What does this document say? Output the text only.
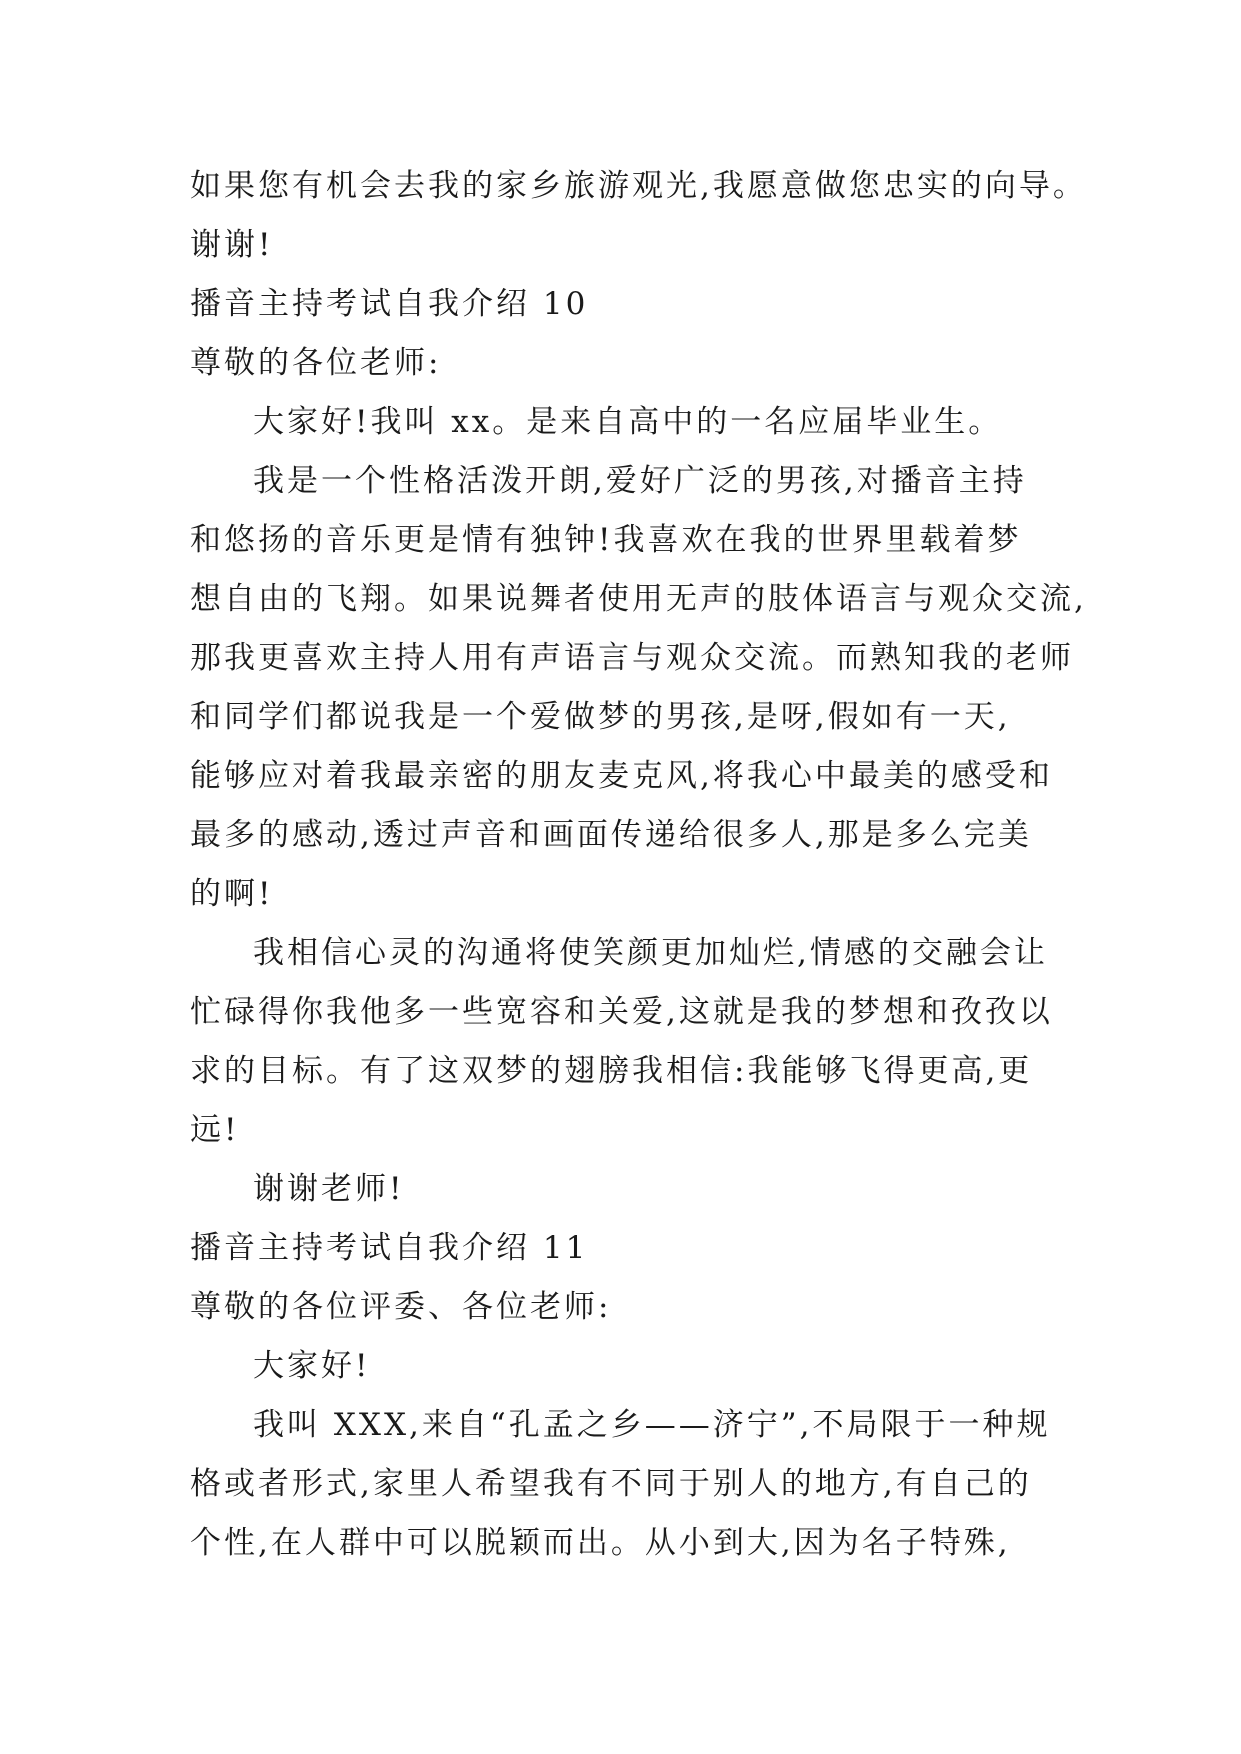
如果您有机会去我的家乡旅游观光,我愿意做您忠实的向导。
谢谢!
播音主持考试自我介绍 10
尊敬的各位老师:
大家好!我叫 xx。是来自高中的一名应届毕业生。
我是一个性格活泼开朗,爱好广泛的男孩,对播音主持
和悠扬的音乐更是情有独钟!我喜欢在我的世界里载着梦
想自由的飞翔。如果说舞者使用无声的肢体语言与观众交流,
那我更喜欢主持人用有声语言与观众交流。而熟知我的老师
和同学们都说我是一个爱做梦的男孩,是呀,假如有一天,
能够应对着我最亲密的朋友麦克风,将我心中最美的感受和
最多的感动,透过声音和画面传递给很多人,那是多么完美
的啊!
我相信心灵的沟通将使笑颜更加灿烂,情感的交融会让
忙碌得你我他多一些宽容和关爱,这就是我的梦想和孜孜以
求的目标。有了这双梦的翅膀我相信:我能够飞得更高,更
远!
谢谢老师!
播音主持考试自我介绍 11
尊敬的各位评委、各位老师:
大家好!
我叫 XXX,来自“孔孟之乡——济宁”,不局限于一种规
格或者形式,家里人希望我有不同于别人的地方,有自己的
个性,在人群中可以脱颖而出。从小到大,因为名子特殊,
